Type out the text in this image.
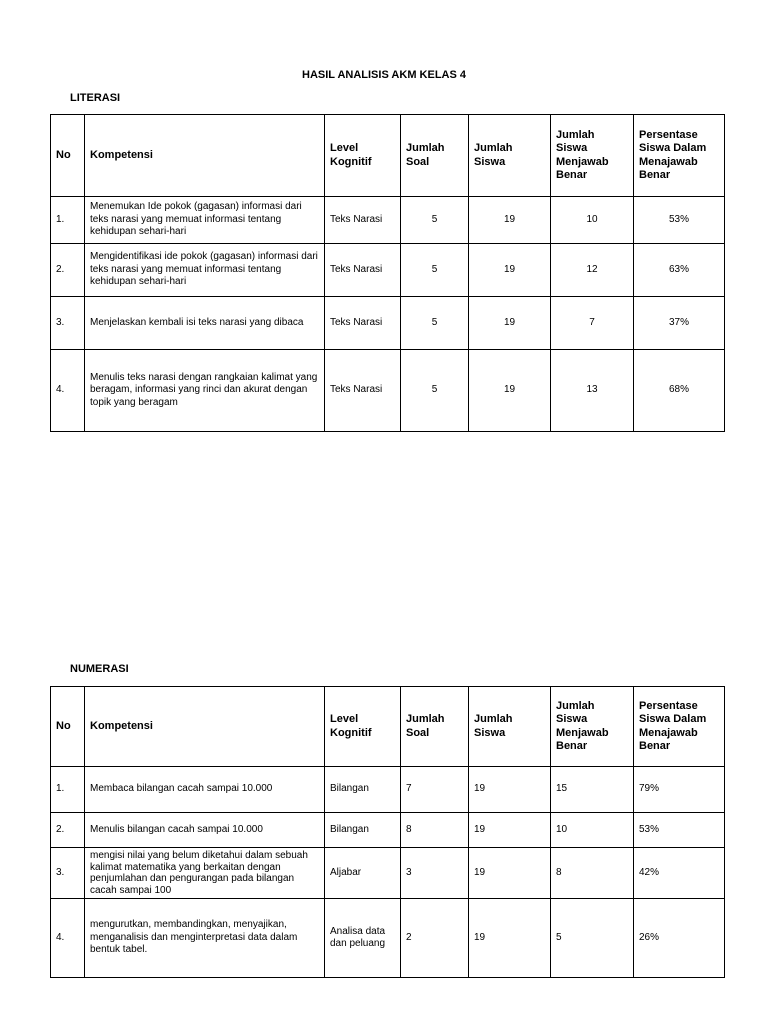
HASIL ANALISIS AKM KELAS 4
LITERASI
No	Kompetensi	Level Kognitif	Jumlah Soal	Jumlah Siswa	Jumlah Siswa Menjawab Benar	Persentase Siswa Dalam Menajawab Benar
1.	Menemukan Ide pokok (gagasan) informasi dari teks narasi yang memuat informasi tentang kehidupan sehari-hari	Teks Narasi	5	19	10	53%
2.	Mengidentifikasi ide pokok (gagasan) informasi dari teks narasi yang memuat informasi tentang kehidupan sehari-hari	Teks Narasi	5	19	12	63%
3.	Menjelaskan kembali isi teks narasi yang dibaca	Teks Narasi	5	19	7	37%
4.	Menulis teks narasi dengan rangkaian kalimat yang beragam, informasi yang rinci dan akurat dengan topik yang beragam	Teks Narasi	5	19	13	68%
NUMERASI
No	Kompetensi	Level Kognitif	Jumlah Soal	Jumlah Siswa	Jumlah Siswa Menjawab Benar	Persentase Siswa Dalam Menajawab Benar
1.	Membaca bilangan cacah sampai 10.000	Bilangan	7	19	15	79%
2.	Menulis bilangan cacah sampai 10.000	Bilangan	8	19	10	53%
3.	mengisi nilai yang belum diketahui dalam sebuah kalimat matematika yang berkaitan dengan penjumlahan dan pengurangan pada bilangan cacah sampai 100	Aljabar	3	19	8	42%
4.	mengurutkan, membandingkan, menyajikan, menganalisis dan menginterpretasi data dalam bentuk tabel.	Analisa data dan peluang	2	19	5	26%
